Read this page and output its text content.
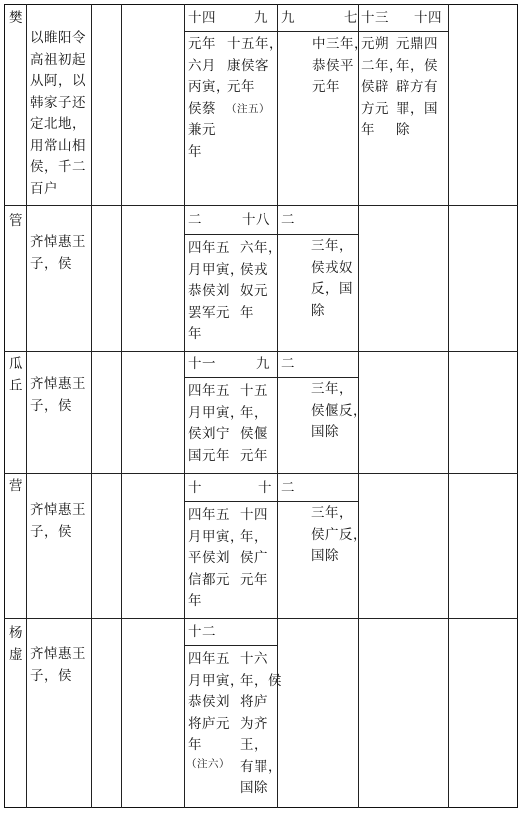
樊
以睢阳令
高祖初起
从阿，以
韩家子还
定北地，
用常山相
侯，千二
百户
十四
元年
六月
丙寅，
侯蔡
兼元
年
九
十五年，
康侯客
元年
（注五）
九	七
中三年，
恭侯平
元年
十三
元朔
二年，
侯辟
方元
年
十四
元鼎四
年，侯
辟方有
罪，国
除
管
齐悼惠王
子，侯
二
四年五
月甲寅，
恭侯刘
罢军元
年
十八
六年，
侯戎
奴元
年
二
三年，
侯戎奴
反，国
除
瓜丘 齐悼惠王
子，侯
十一
四年五
月甲寅，
侯刘宁
国元年
九
十五
年，
侯偃
元年
二
三年，
侯偃反，
国除
营
齐悼惠王
子，侯
十
四年五
月甲寅，
平侯刘
信都元
年
十
十四
年，
侯广
元年
二
三年，
侯广反，
国除
杨虚 齐悼惠王
子，侯
十二
四年五
月甲寅，
恭侯刘
将庐元
年
（注六）
十六
年，侯
将庐
为齐
王，
有罪，
国除
